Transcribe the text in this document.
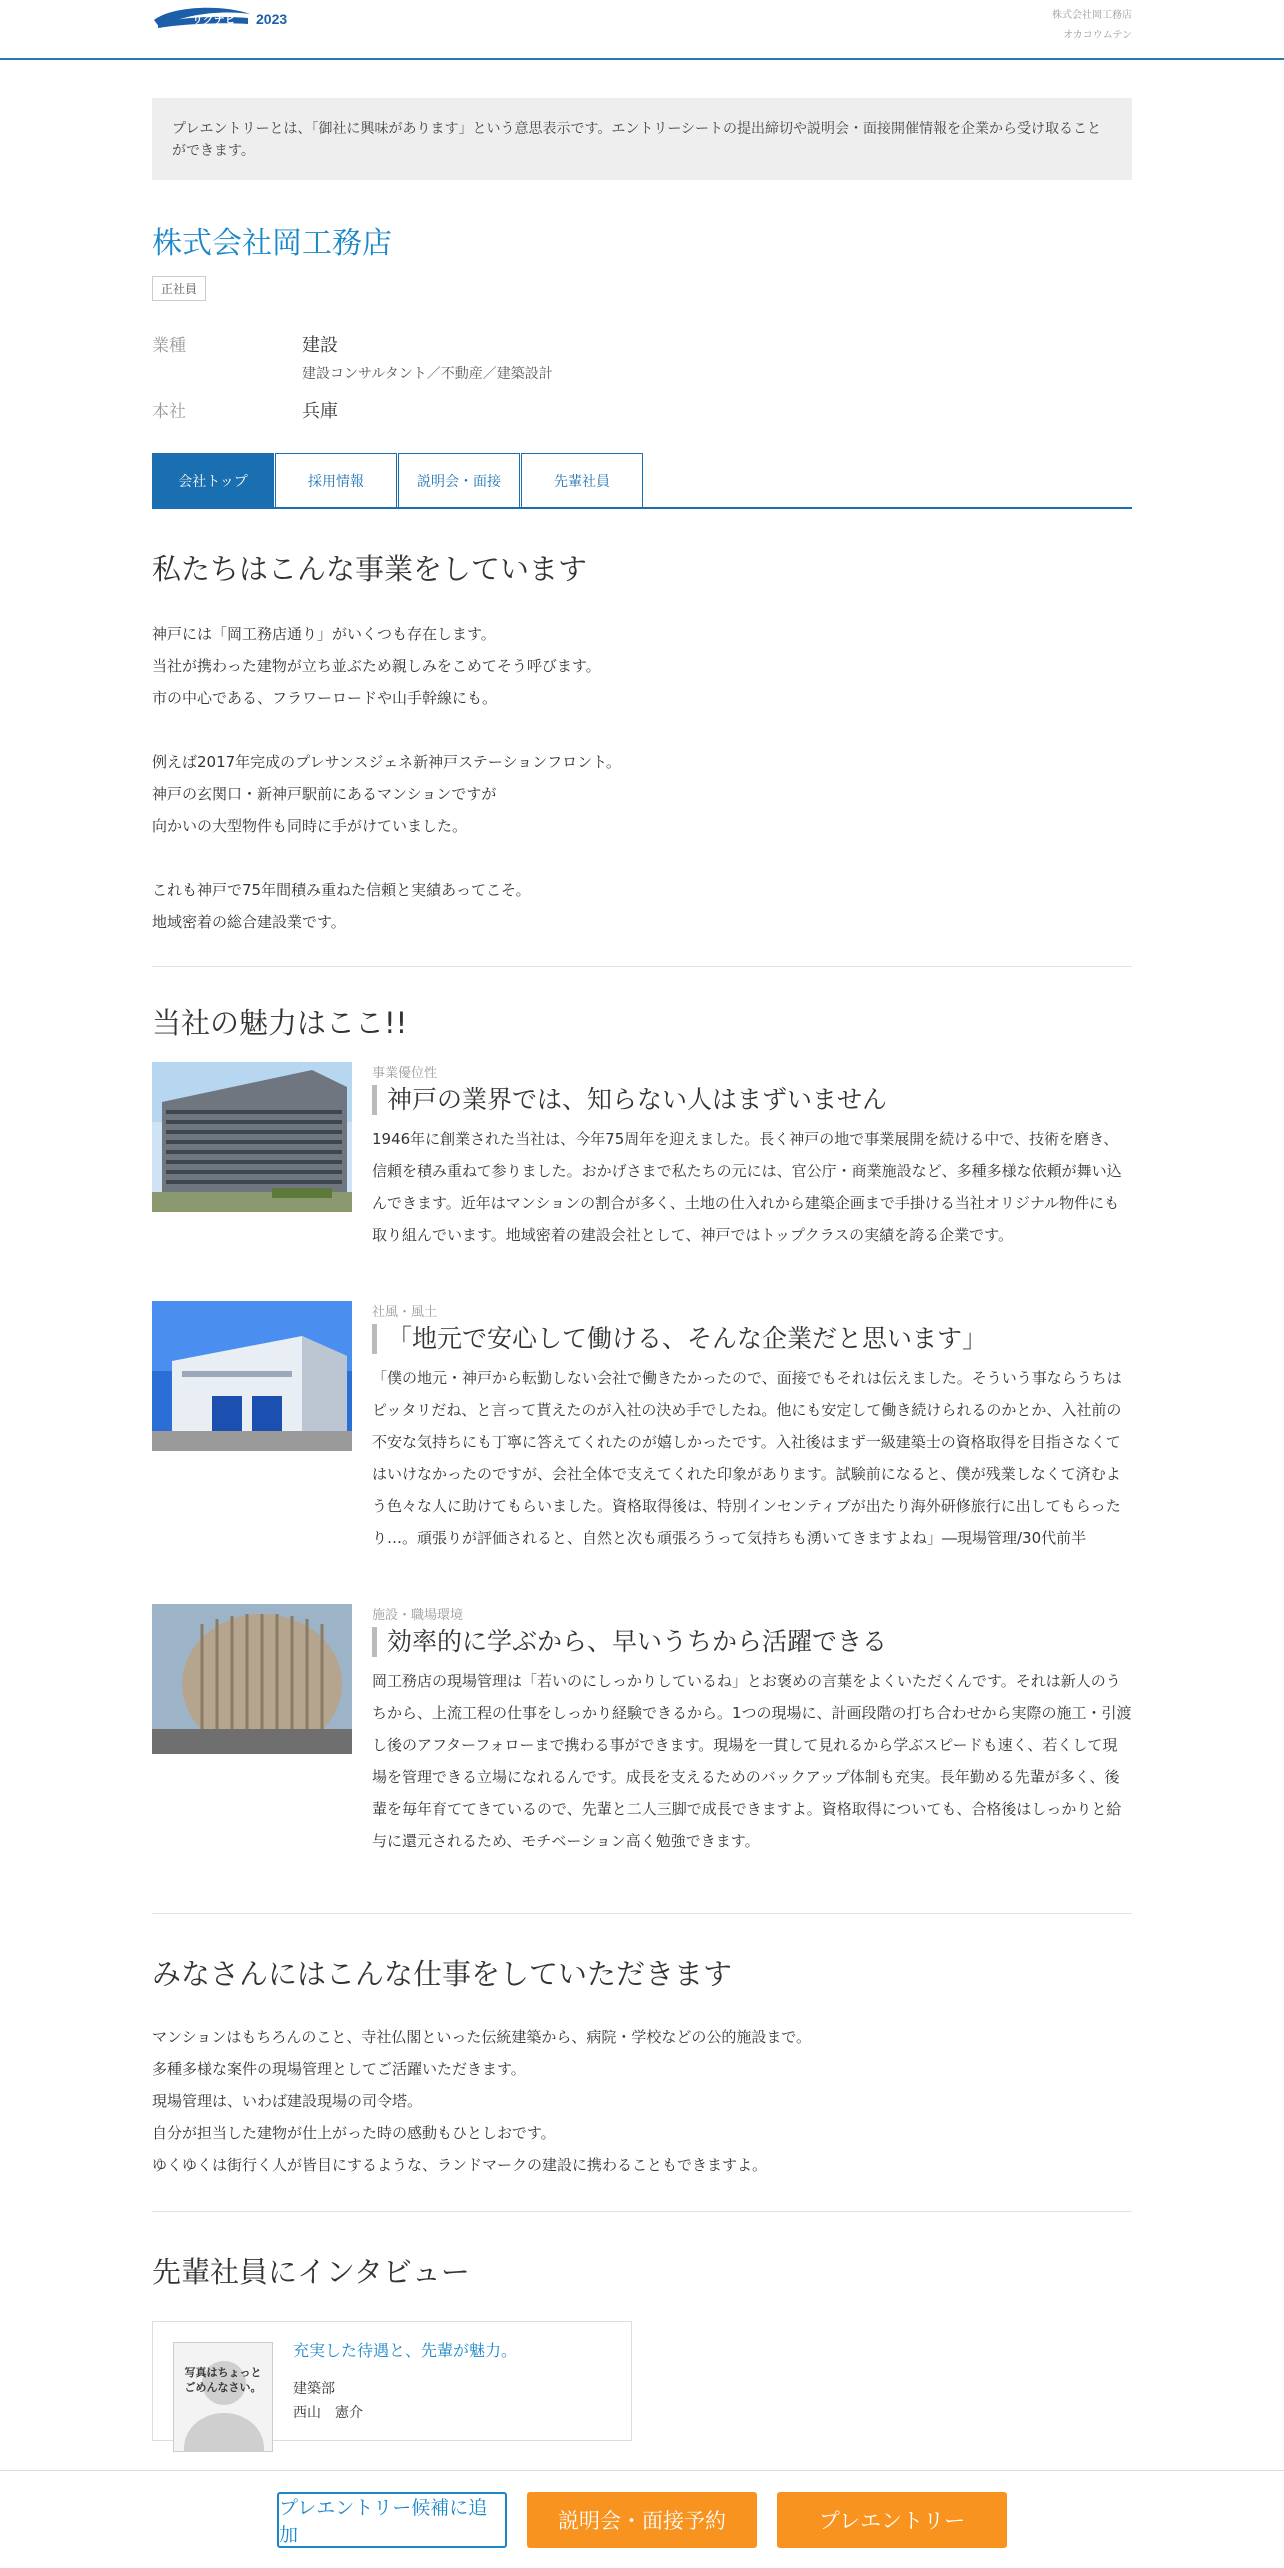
リクナビ 2023	株式会社岡工務店
オカコウムテン
プレエントリーとは、「御社に興味があります」という意思表示です。エントリーシートの提出締切や説明会・面接開催情報を企業から受け取ることができます。
株式会社岡工務店
正社員
業種	建設
建設コンサルタント／不動産／建築設計
本社	兵庫
会社トップ	採用情報	説明会・面接	先輩社員
私たちはこんな事業をしています
神戸には「岡工務店通り」がいくつも存在します。
当社が携わった建物が立ち並ぶため親しみをこめてそう呼びます。
市の中心である、フラワーロードや山手幹線にも。
例えば2017年完成のプレサンスジェネ新神戸ステーションフロント。
神戸の玄関口・新神戸駅前にあるマンションですが
向かいの大型物件も同時に手がけていました。
これも神戸で75年間積み重ねた信頼と実績あってこそ。
地域密着の総合建設業です。
当社の魅力はここ!!
事業優位性
神戸の業界では、知らない人はまずいません
1946年に創業された当社は、今年75周年を迎えました。長く神戸の地で事業展開を続ける中で、技術を磨き、信頼を積み重ねて参りました。おかげさまで私たちの元には、官公庁・商業施設など、多種多様な依頼が舞い込んできます。近年はマンションの割合が多く、土地の仕入れから建築企画まで手掛ける当社オリジナル物件にも取り組んでいます。地域密着の建設会社として、神戸ではトップクラスの実績を誇る企業です。
社風・風土
「地元で安心して働ける、そんな企業だと思います」
「僕の地元・神戸から転勤しない会社で働きたかったので、面接でもそれは伝えました。そういう事ならうちはピッタリだね、と言って貰えたのが入社の決め手でしたね。他にも安定して働き続けられるのかとか、入社前の不安な気持ちにも丁寧に答えてくれたのが嬉しかったです。入社後はまず一級建築士の資格取得を目指さなくてはいけなかったのですが、会社全体で支えてくれた印象があります。試験前になると、僕が残業しなくて済むよう色々な人に助けてもらいました。資格取得後は、特別インセンティブが出たり海外研修旅行に出してもらったり…。頑張りが評価されると、自然と次も頑張ろうって気持ちも湧いてきますよね」―現場管理/30代前半
施設・職場環境
効率的に学ぶから、早いうちから活躍できる
岡工務店の現場管理は「若いのにしっかりしているね」とお褒めの言葉をよくいただくんです。それは新人のうちから、上流工程の仕事をしっかり経験できるから。1つの現場に、計画段階の打ち合わせから実際の施工・引渡し後のアフターフォローまで携わる事ができます。現場を一貫して見れるから学ぶスピードも速く、若くして現場を管理できる立場になれるんです。成長を支えるためのバックアップ体制も充実。長年勤める先輩が多く、後輩を毎年育ててきているので、先輩と二人三脚で成長できますよ。資格取得についても、合格後はしっかりと給与に還元されるため、モチベーション高く勉強できます。
みなさんにはこんな仕事をしていただきます
マンションはもちろんのこと、寺社仏閣といった伝統建築から、病院・学校などの公的施設まで。
多種多様な案件の現場管理としてご活躍いただきます。
現場管理は、いわば建設現場の司令塔。
自分が担当した建物が仕上がった時の感動もひとしおです。
ゆくゆくは街行く人が皆目にするような、ランドマークの建設に携わることもできますよ。
先輩社員にインタビュー
写真はちょっと
ごめんなさい。
充実した待遇と、先輩が魅力。
建築部
西山　憲介
プレエントリー候補に追加
説明会・面接予約	プレエントリー
